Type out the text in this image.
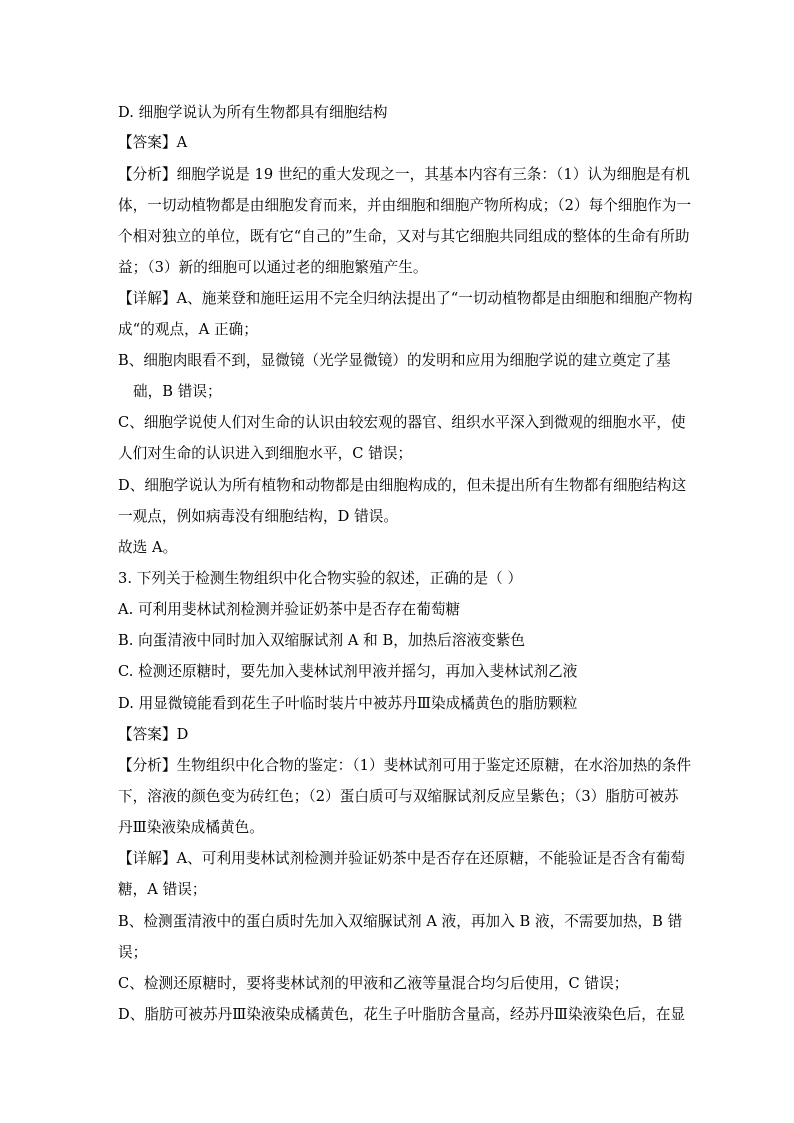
D. 细胞学说认为所有生物都具有细胞结构
【答案】A
【分析】细胞学说是 19 世纪的重大发现之一，其基本内容有三条：（1）认为细胞是有机
体，一切动植物都是由细胞发育而来，并由细胞和细胞产物所构成；（2）每个细胞作为一
个相对独立的单位，既有它“自己的”生命，又对与其它细胞共同组成的整体的生命有所助
益；（3）新的细胞可以通过老的细胞繁殖产生。
【详解】A、施莱登和施旺运用不完全归纳法提出了“一切动植物都是由细胞和细胞产物构
成“的观点，A 正确；
B、细胞肉眼看不到，显微镜（光学显微镜）的发明和应用为细胞学说的建立奠定了基
础，B 错误；
C、细胞学说使人们对生命的认识由较宏观的器官、组织水平深入到微观的细胞水平，使
人们对生命的认识进入到细胞水平，C 错误；
D、细胞学说认为所有植物和动物都是由细胞构成的，但未提出所有生物都有细胞结构这
一观点，例如病毒没有细胞结构，D 错误。
故选 A。
3. 下列关于检测生物组织中化合物实验的叙述，正确的是（ ）
A. 可利用斐林试剂检测并验证奶茶中是否存在葡萄糖
B. 向蛋清液中同时加入双缩脲试剂 A 和 B，加热后溶液变紫色
C. 检测还原糖时，要先加入斐林试剂甲液并摇匀，再加入斐林试剂乙液
D. 用显微镜能看到花生子叶临时装片中被苏丹Ⅲ染成橘黄色的脂肪颗粒
【答案】D
【分析】生物组织中化合物的鉴定：（1）斐林试剂可用于鉴定还原糖，在水浴加热的条件
下，溶液的颜色变为砖红色；（2）蛋白质可与双缩脲试剂反应呈紫色；（3）脂肪可被苏
丹Ⅲ染液染成橘黄色。
【详解】A、可利用斐林试剂检测并验证奶茶中是否存在还原糖，不能验证是否含有葡萄
糖，A 错误；
B、检测蛋清液中的蛋白质时先加入双缩脲试剂 A 液，再加入 B 液，不需要加热，B 错
误；
C、检测还原糖时，要将斐林试剂的甲液和乙液等量混合均匀后使用，C 错误；
D、脂肪可被苏丹Ⅲ染液染成橘黄色，花生子叶脂肪含量高，经苏丹Ⅲ染液染色后，在显
